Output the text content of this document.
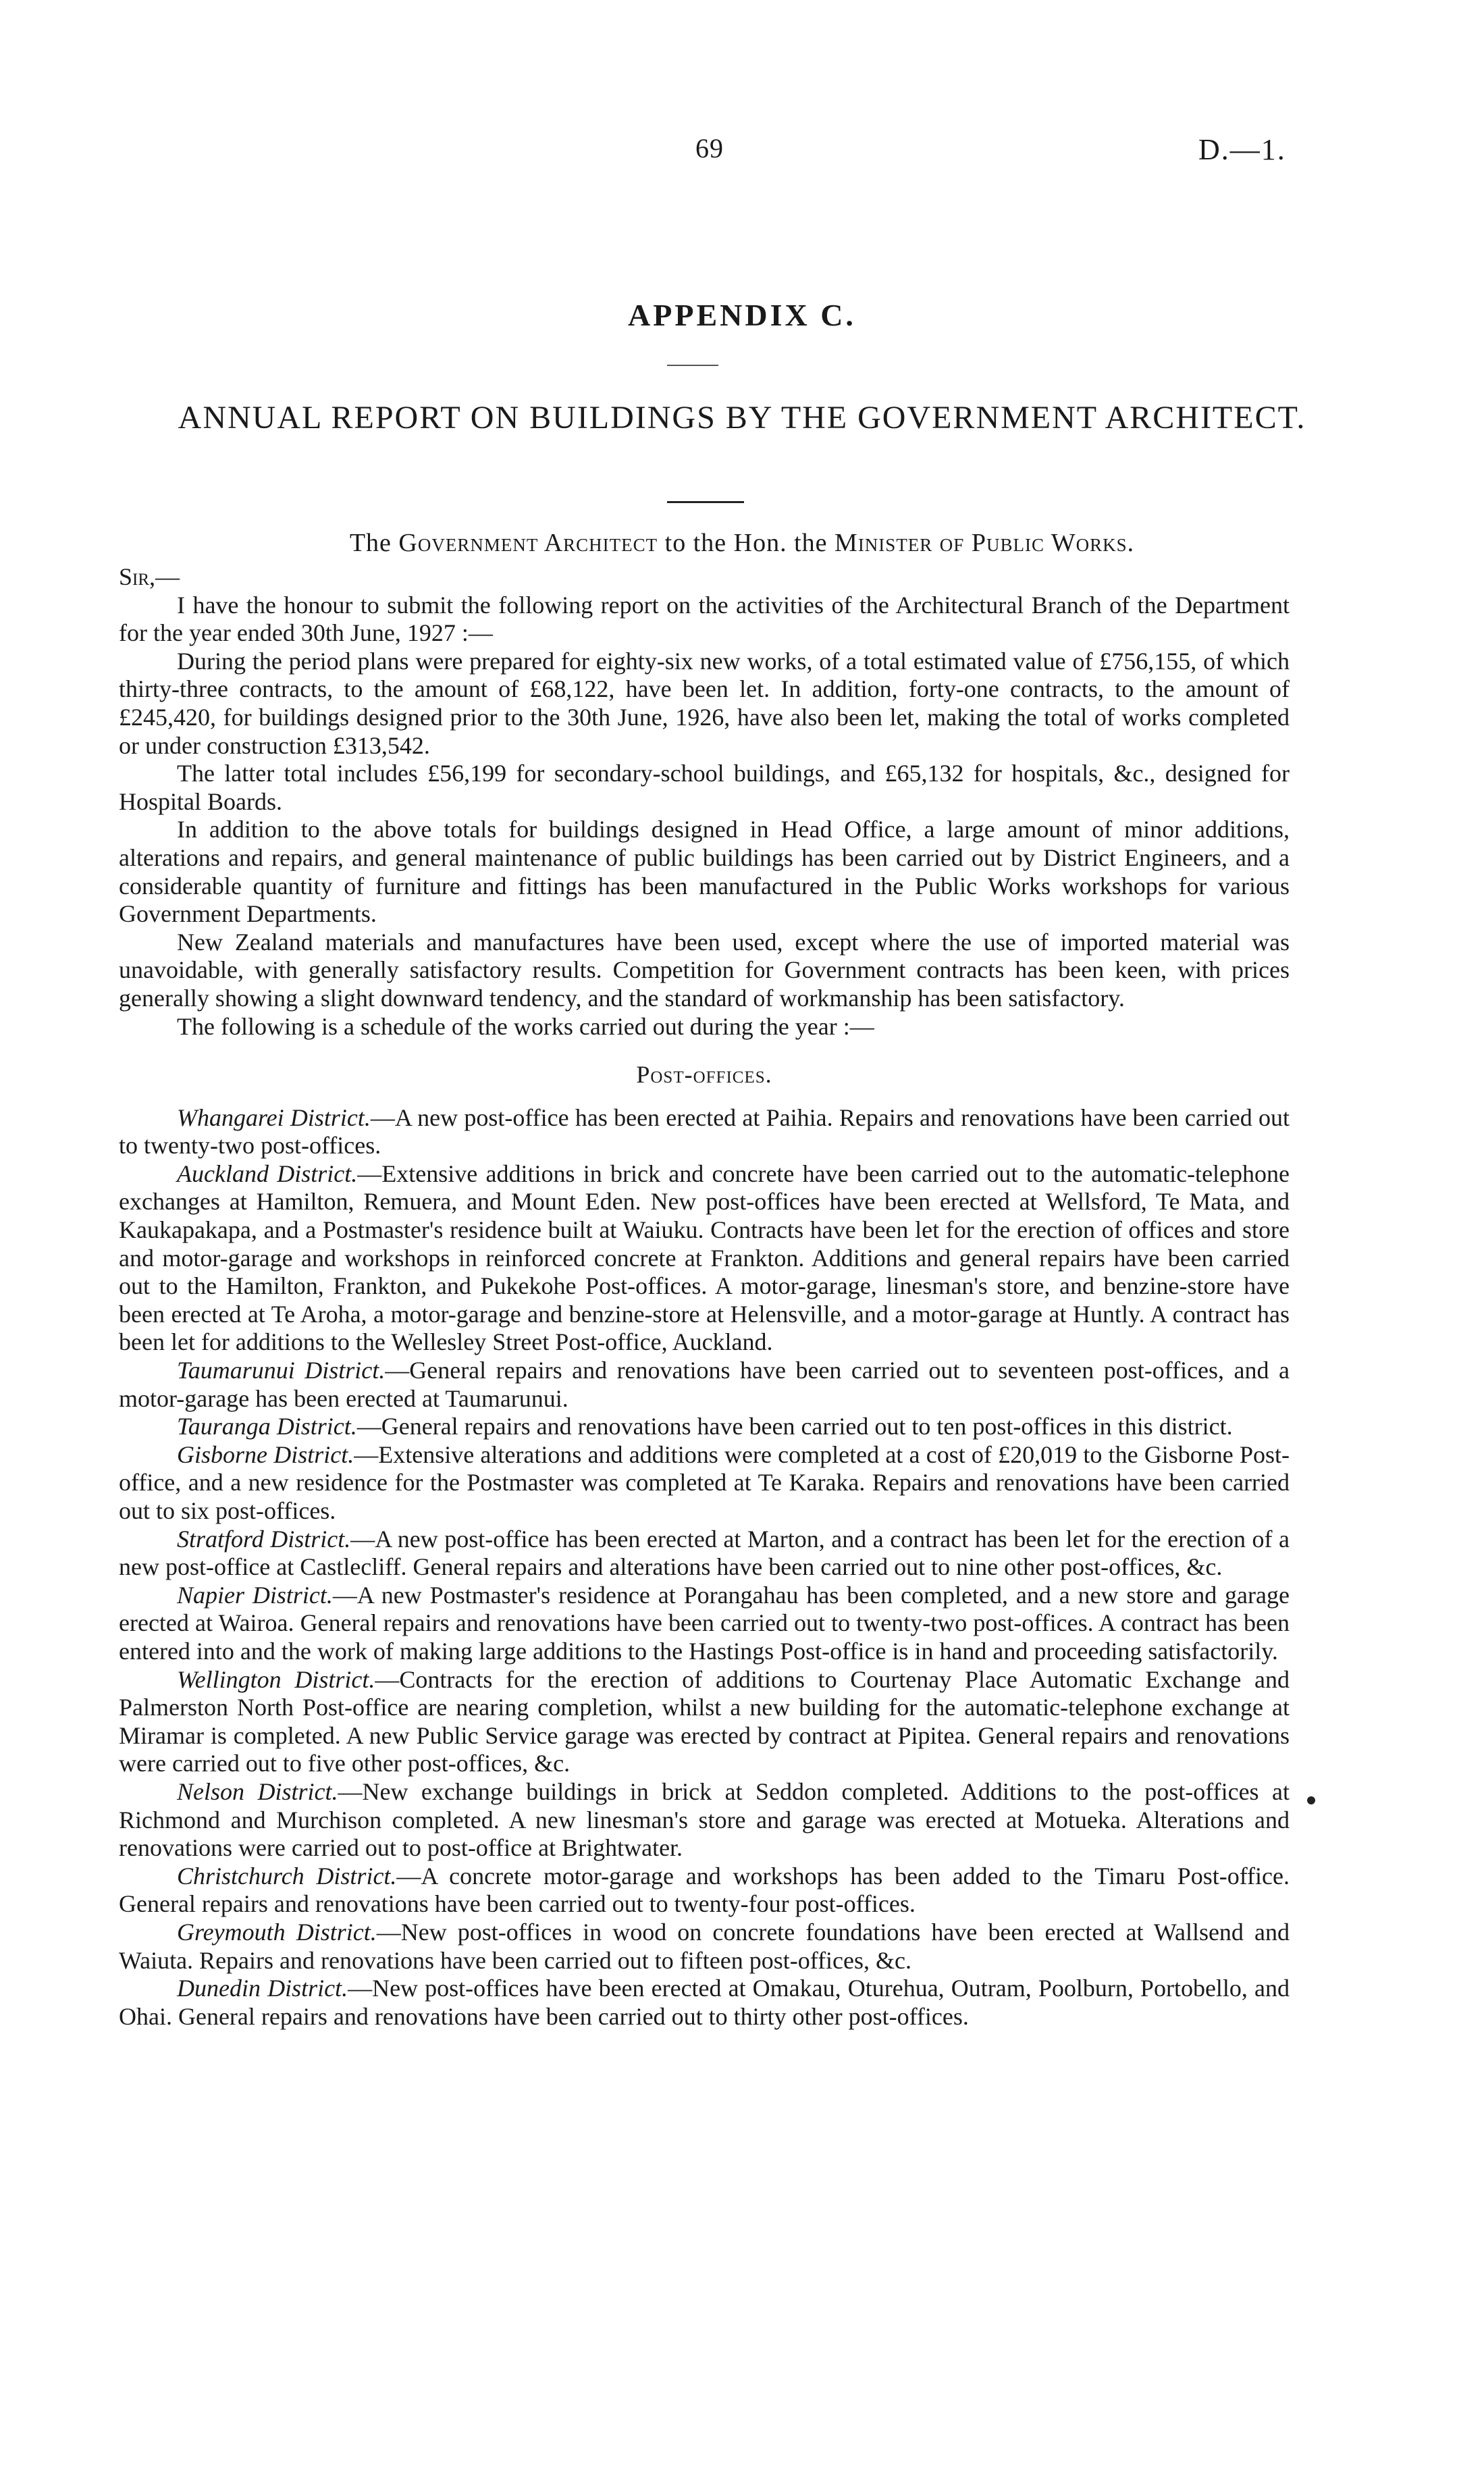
69	D.—1.
APPENDIX C.
ANNUAL REPORT ON BUILDINGS BY THE GOVERNMENT ARCHITECT.
The Government Architect to the Hon. the Minister of Public Works.

Sir,—

I have the honour to submit the following report on the activities of the Architectural Branch of the Department for the year ended 30th June, 1927 :—

During the period plans were prepared for eighty-six new works, of a total estimated value of £756,155, of which thirty-three contracts, to the amount of £68,122, have been let. In addition, forty-one contracts, to the amount of £245,420, for buildings designed prior to the 30th June, 1926, have also been let, making the total of works completed or under construction £313,542.

The latter total includes £56,199 for secondary-school buildings, and £65,132 for hospitals, &c., designed for Hospital Boards.

In addition to the above totals for buildings designed in Head Office, a large amount of minor additions, alterations and repairs, and general maintenance of public buildings has been carried out by District Engineers, and a considerable quantity of furniture and fittings has been manufactured in the Public Works workshops for various Government Departments.

New Zealand materials and manufactures have been used, except where the use of imported material was unavoidable, with generally satisfactory results. Competition for Government contracts has been keen, with prices generally showing a slight downward tendency, and the standard of workmanship has been satisfactory.

The following is a schedule of the works carried out during the year :—

Post-offices.

Whangarei District.—A new post-office has been erected at Paihia. Repairs and renovations have been carried out to twenty-two post-offices.

Auckland District.—Extensive additions in brick and concrete have been carried out to the automatic-telephone exchanges at Hamilton, Remuera, and Mount Eden. New post-offices have been erected at Wellsford, Te Mata, and Kaukapakapa, and a Postmaster's residence built at Waiuku. Contracts have been let for the erection of offices and store and motor-garage and workshops in reinforced concrete at Frankton. Additions and general repairs have been carried out to the Hamilton, Frankton, and Pukekohe Post-offices. A motor-garage, linesman's store, and benzine-store have been erected at Te Aroha, a motor-garage and benzine-store at Helensville, and a motor-garage at Huntly. A contract has been let for additions to the Wellesley Street Post-office, Auckland.

Taumarunui District.—General repairs and renovations have been carried out to seventeen post-offices, and a motor-garage has been erected at Taumarunui.

Tauranga District.—General repairs and renovations have been carried out to ten post-offices in this district.

Gisborne District.—Extensive alterations and additions were completed at a cost of £20,019 to the Gisborne Post-office, and a new residence for the Postmaster was completed at Te Karaka. Repairs and renovations have been carried out to six post-offices.

Stratford District.—A new post-office has been erected at Marton, and a contract has been let for the erection of a new post-office at Castlecliff. General repairs and alterations have been carried out to nine other post-offices, &c.

Napier District.—A new Postmaster's residence at Porangahau has been completed, and a new store and garage erected at Wairoa. General repairs and renovations have been carried out to twenty-two post-offices. A contract has been entered into and the work of making large additions to the Hastings Post-office is in hand and proceeding satisfactorily.

Wellington District.—Contracts for the erection of additions to Courtenay Place Automatic Exchange and Palmerston North Post-office are nearing completion, whilst a new building for the automatic-telephone exchange at Miramar is completed. A new Public Service garage was erected by contract at Pipitea. General repairs and renovations were carried out to five other post-offices, &c.

Nelson District.—New exchange buildings in brick at Seddon completed. Additions to the post-offices at Richmond and Murchison completed. A new linesman's store and garage was erected at Motueka. Alterations and renovations were carried out to post-office at Brightwater.

Christchurch District.—A concrete motor-garage and workshops has been added to the Timaru Post-office. General repairs and renovations have been carried out to twenty-four post-offices.

Greymouth District.—New post-offices in wood on concrete foundations have been erected at Wallsend and Waiuta. Repairs and renovations have been carried out to fifteen post-offices, &c.

Dunedin District.—New post-offices have been erected at Omakau, Oturehua, Outram, Poolburn, Portobello, and Ohai. General repairs and renovations have been carried out to thirty other post-offices.
